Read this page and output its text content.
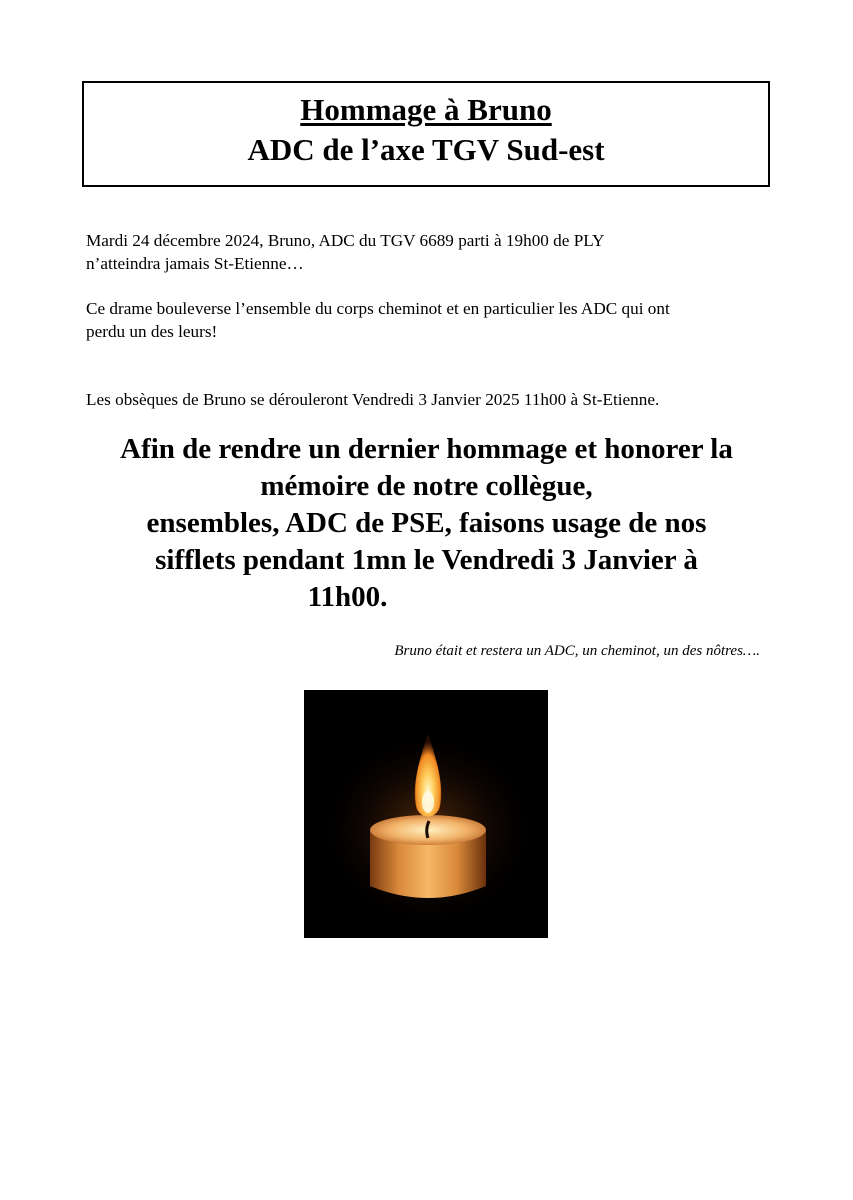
Hommage à Bruno
ADC de l’axe TGV Sud-est
Mardi 24 décembre 2024, Bruno, ADC du TGV 6689 parti à 19h00 de PLY
n’atteindra jamais St-Etienne…
Ce drame bouleverse l’ensemble du corps cheminot et en particulier les ADC qui ont
perdu un des leurs!
Les obsèques de Bruno se dérouleront Vendredi 3 Janvier 2025 11h00 à St-Etienne.
Afin de rendre un dernier hommage et honorer la
mémoire de notre collègue,
ensembles, ADC de PSE, faisons usage de nos
sifflets pendant 1mn le Vendredi 3 Janvier à
11h00.
Bruno était et restera un ADC, un cheminot, un des nôtres….
